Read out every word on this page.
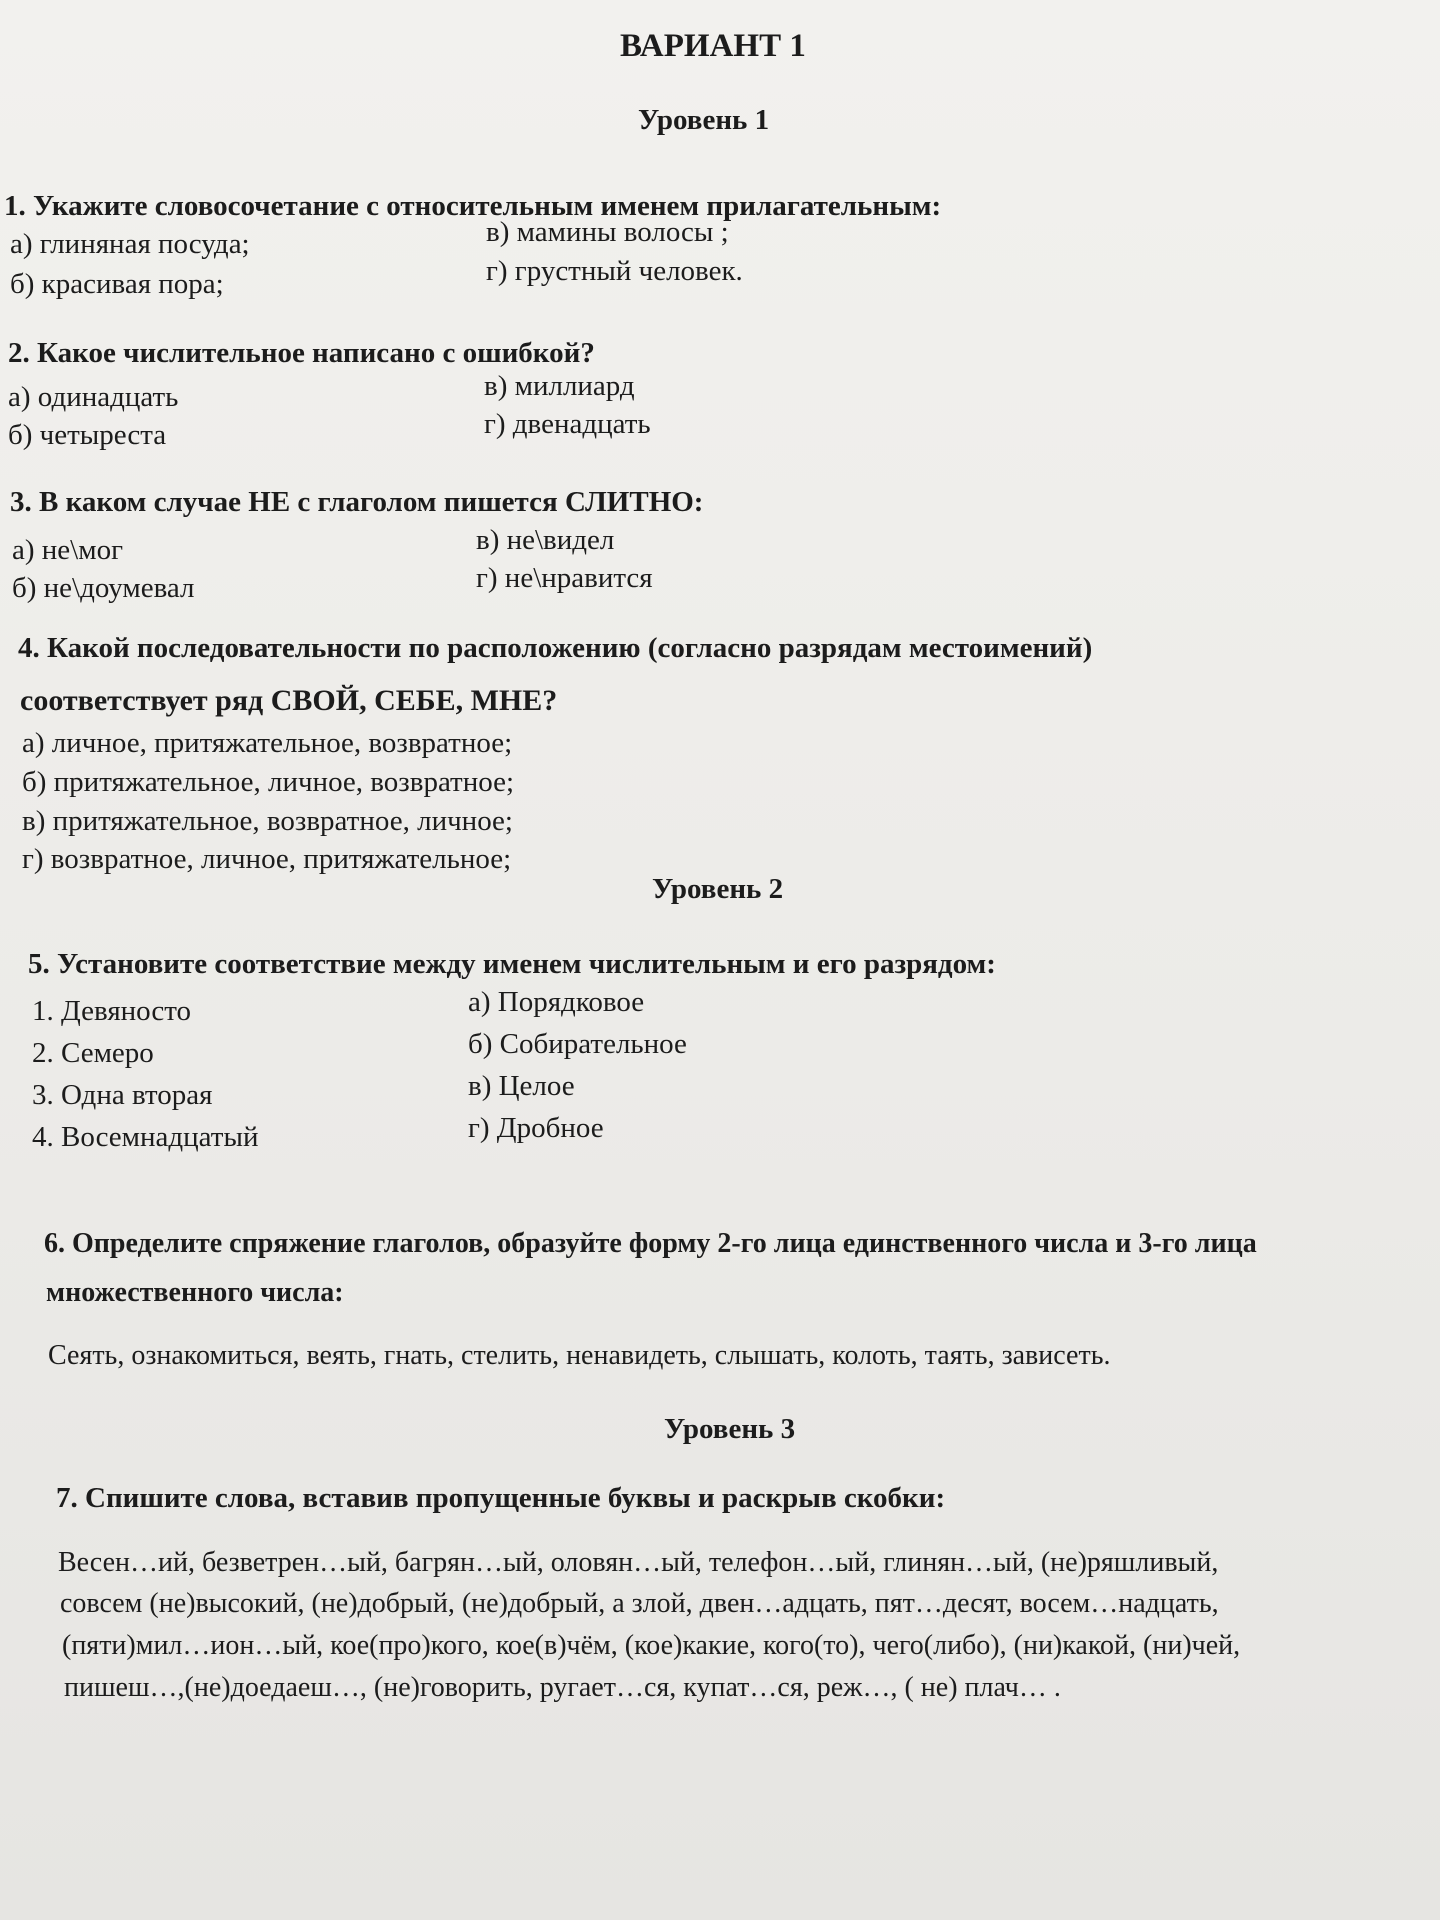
ВАРИАНТ 1
Уровень 1
1. Укажите словосочетание с относительным именем прилагательным:
а) глиняная посуда;
б) красивая пора;
в) мамины волосы ;
г) грустный человек.
2. Какое числительное написано с ошибкой?
а) одинадцать
б) четыреста
в) миллиард
г) двенадцать
3. В каком случае НЕ с глаголом пишется СЛИТНО:
а) не\мог
б) не\доумевал
в) не\видел
г) не\нравится
4. Какой последовательности по расположению (согласно разрядам местоимений)
соответствует ряд СВОЙ, СЕБЕ, МНЕ?
а) личное, притяжательное, возвратное;
б) притяжательное, личное, возвратное;
в) притяжательное, возвратное, личное;
г) возвратное, личное, притяжательное;
Уровень 2
5. Установите соответствие между именем числительным и его разрядом:
1. Девяносто
2. Семеро
3. Одна вторая
4. Восемнадцатый
а) Порядковое
б) Собирательное
в) Целое
г) Дробное
6. Определите спряжение глаголов, образуйте форму 2-го лица единственного числа и 3-го лица
множественного числа:
Сеять, ознакомиться, веять, гнать, стелить, ненавидеть, слышать, колоть, таять, зависеть.
Уровень 3
7. Спишите слова, вставив пропущенные буквы и раскрыв скобки:
Весен…ий, безветрен…ый, багрян…ый, оловян…ый, телефон…ый, глинян…ый, (не)ряшливый,
совсем (не)высокий, (не)добрый, (не)добрый, а злой, двен…адцать, пят…десят, восем…надцать,
(пяти)мил…ион…ый, кое(про)кого, кое(в)чём, (кое)какие, кого(то), чего(либо), (ни)какой, (ни)чей,
пишеш…,(не)доедаеш…, (не)говорить, ругает…ся, купат…ся, реж…, ( не) плач… .
